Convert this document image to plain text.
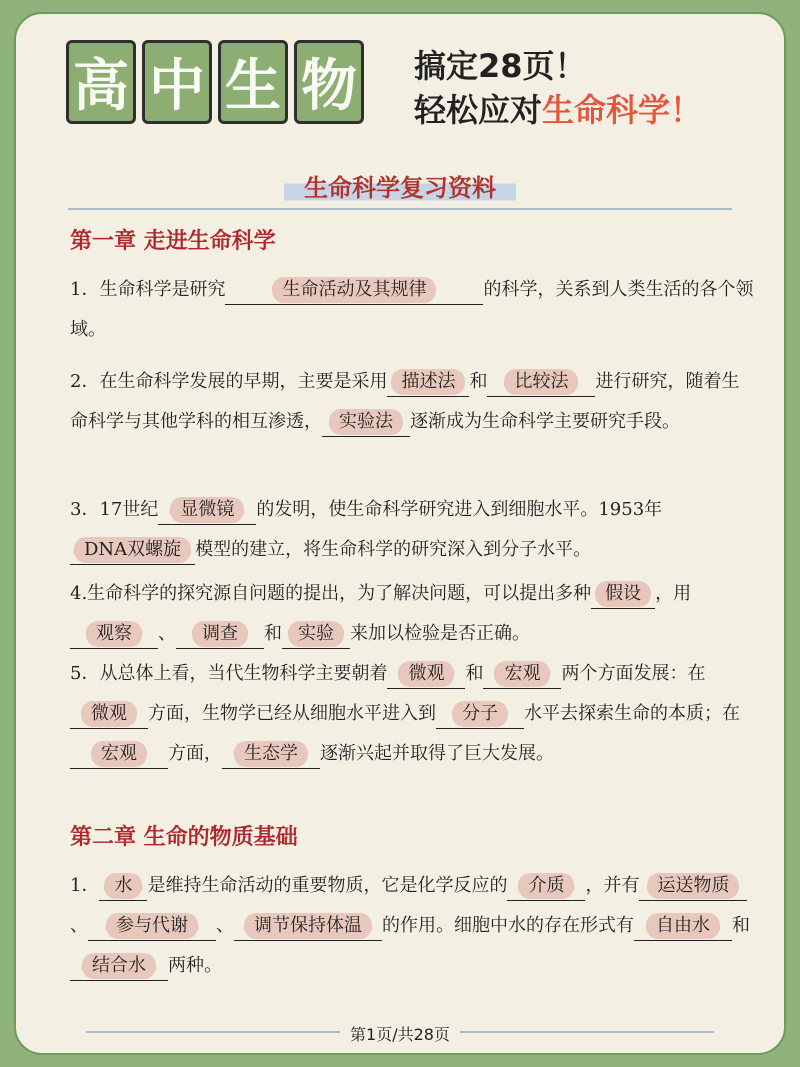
高 中 生 物 搞定28页！
轻松应对生命科学！
生命科学复习资料
第一章 走进生命科学
1．生命科学是研究	生命活动及其规律	的科学，关系到人类生活的各个领域。
2．在生命科学发展的早期，主要是采用 描述法 和 比较法 进行研究，随着生命科学与其他学科的相互渗透， 实验法 逐渐成为生命科学主要研究手段。
3．17世纪 显微镜 的发明，使生命科学研究进入到细胞水平。1953年DNA双螺旋 模型的建立，将生命科学的研究深入到分子水平。
4.生命科学的探究源自问题的提出，为了解决问题，可以提出多种 假设 ，用观察 、 调查 和 实验 来加以检验是否正确。
5．从总体上看，当代生物科学主要朝着 微观 和 宏观 两个方面发展：在微观 方面，生物学已经从细胞水平进入到 分子 水平去探索生命的本质；在宏观 方面， 生态学 逐渐兴起并取得了巨大发展。
第二章 生命的物质基础
1． 水 是维持生命活动的重要物质，它是化学反应的 介质 ，并有 运送物质、 参与代谢 、 调节保持体温 的作用。细胞中水的存在形式有 自由水 和结合水 两种。
第1页/共28页
